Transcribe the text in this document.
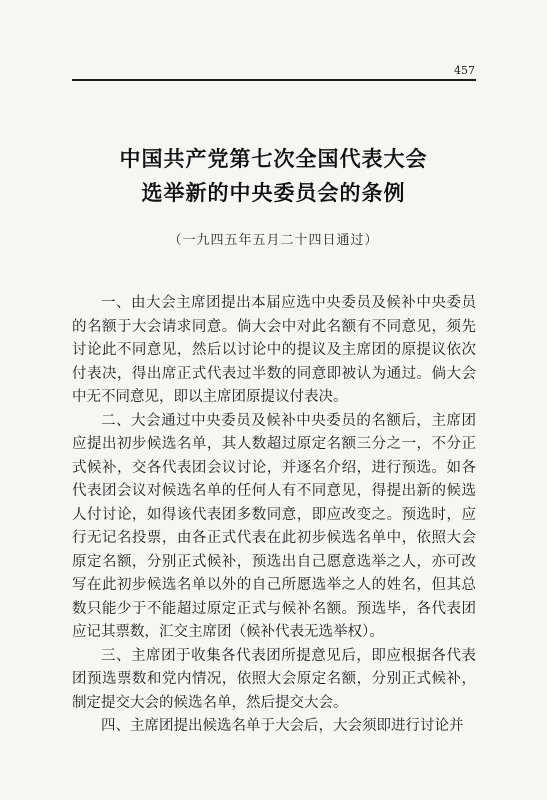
457
中国共产党第七次全国代表大会
选举新的中央委员会的条例
（一九四五年五月二十四日通过）

一、由大会主席团提出本届应选中央委员及候补中央委员的名额于大会请求同意。倘大会中对此名额有不同意见，须先讨论此不同意见，然后以讨论中的提议及主席团的原提议依次付表决，得出席正式代表过半数的同意即被认为通过。倘大会中无不同意见，即以主席团原提议付表决。

二、大会通过中央委员及候补中央委员的名额后，主席团应提出初步候选名单，其人数超过原定名额三分之一，不分正式候补，交各代表团会议讨论，并逐名介绍，进行预选。如各代表团会议对候选名单的任何人有不同意见，得提出新的候选人付讨论，如得该代表团多数同意，即应改变之。预选时，应行无记名投票，由各正式代表在此初步候选名单中，依照大会原定名额，分别正式候补，预选出自己愿意选举之人，亦可改写在此初步候选名单以外的自己所愿选举之人的姓名，但其总数只能少于不能超过原定正式与候补名额。预选毕，各代表团应记其票数，汇交主席团（候补代表无选举权）。

三、主席团于收集各代表团所提意见后，即应根据各代表团预选票数和党内情况，依照大会原定名额，分别正式候补，制定提交大会的候选名单，然后提交大会。

四、主席团提出候选名单于大会后，大会须即进行讨论并
